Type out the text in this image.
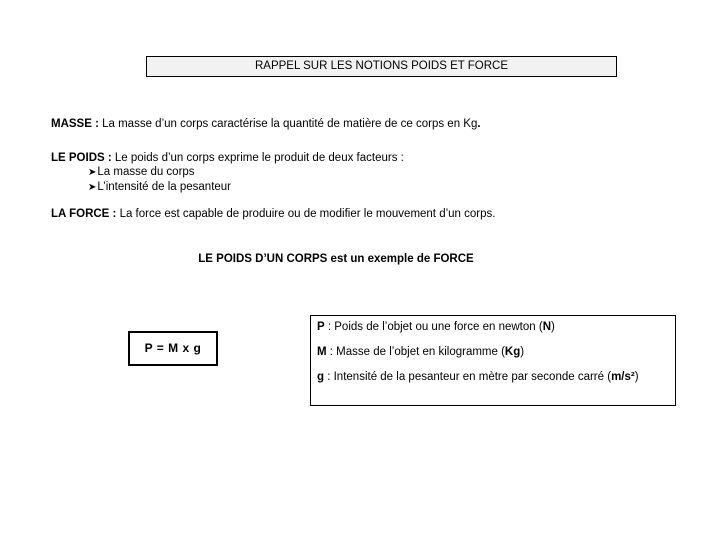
RAPPEL SUR LES NOTIONS POIDS ET FORCE
MASSE : La masse d’un corps caractérise la quantité de matière de ce corps en Kg.
LE POIDS : Le poids d’un corps exprime le produit de deux facteurs :
➤La masse du corps
➤L’intensité de la pesanteur
LA FORCE : La force est capable de produire ou de modifier le mouvement d’un corps.
LE POIDS D’UN CORPS est un exemple de FORCE
P = M x g
P : Poids de l’objet ou une force en newton (N)
M : Masse de l’objet en kilogramme (Kg)
g : Intensité de la pesanteur en mètre par seconde carré (m/s²)
